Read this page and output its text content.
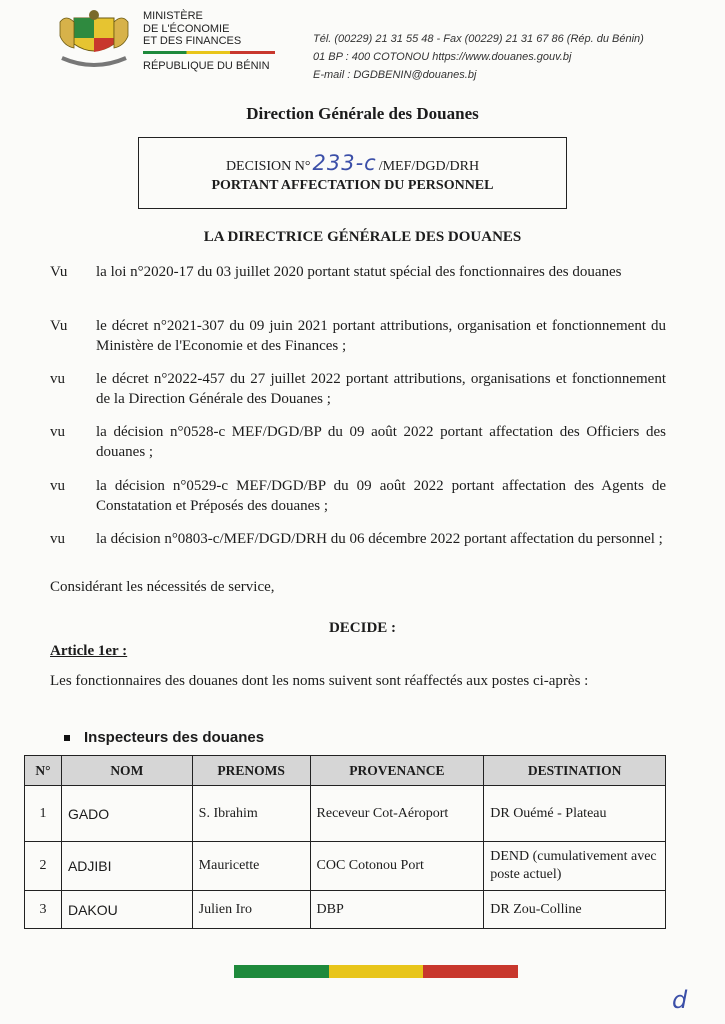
MINISTÈRE
DE L'ÉCONOMIE
ET DES FINANCES
RÉPUBLIQUE DU BÉNIN
Tél. (00229) 21 31 55 48 - Fax (00229) 21 31 67 86 (Rép. du Bénin)
01 BP : 400 COTONOU https://www.douanes.gouv.bj
E-mail : DGDBENIN@douanes.bj
Direction Générale des Douanes
DECISION N°233-c /MEF/DGD/DRH
PORTANT AFFECTATION DU PERSONNEL
LA DIRECTRICE GÉNÉRALE DES DOUANES
Vu la loi n°2020-17 du 03 juillet 2020 portant statut spécial des fonctionnaires des douanes
Vu le décret n°2021-307 du 09 juin 2021 portant attributions, organisation et fonctionnement du Ministère de l'Economie et des Finances ;
vu le décret n°2022-457 du 27 juillet 2022 portant attributions, organisations et fonctionnement de la Direction Générale des Douanes ;
vu la décision n°0528-c MEF/DGD/BP du 09 août 2022 portant affectation des Officiers des douanes ;
vu la décision n°0529-c MEF/DGD/BP du 09 août 2022 portant affectation des Agents de Constatation et Préposés des douanes ;
vu la décision n°0803-c/MEF/DGD/DRH du 06 décembre 2022 portant affectation du personnel ;
Considérant les nécessités de service,
DECIDE :
Article 1er :
Les fonctionnaires des douanes dont les noms suivent sont réaffectés aux postes ci-après :
Inspecteurs des douanes
N°	NOM	PRENOMS	PROVENANCE	DESTINATION
1	GADO	S. Ibrahim	Receveur Cot-Aéroport	DR Ouémé - Plateau
2	ADJIBI	Mauricette	COC Cotonou Port	DEND (cumulativement avec poste actuel)
3	DAKOU	Julien Iro	DBP	DR Zou-Colline
d
